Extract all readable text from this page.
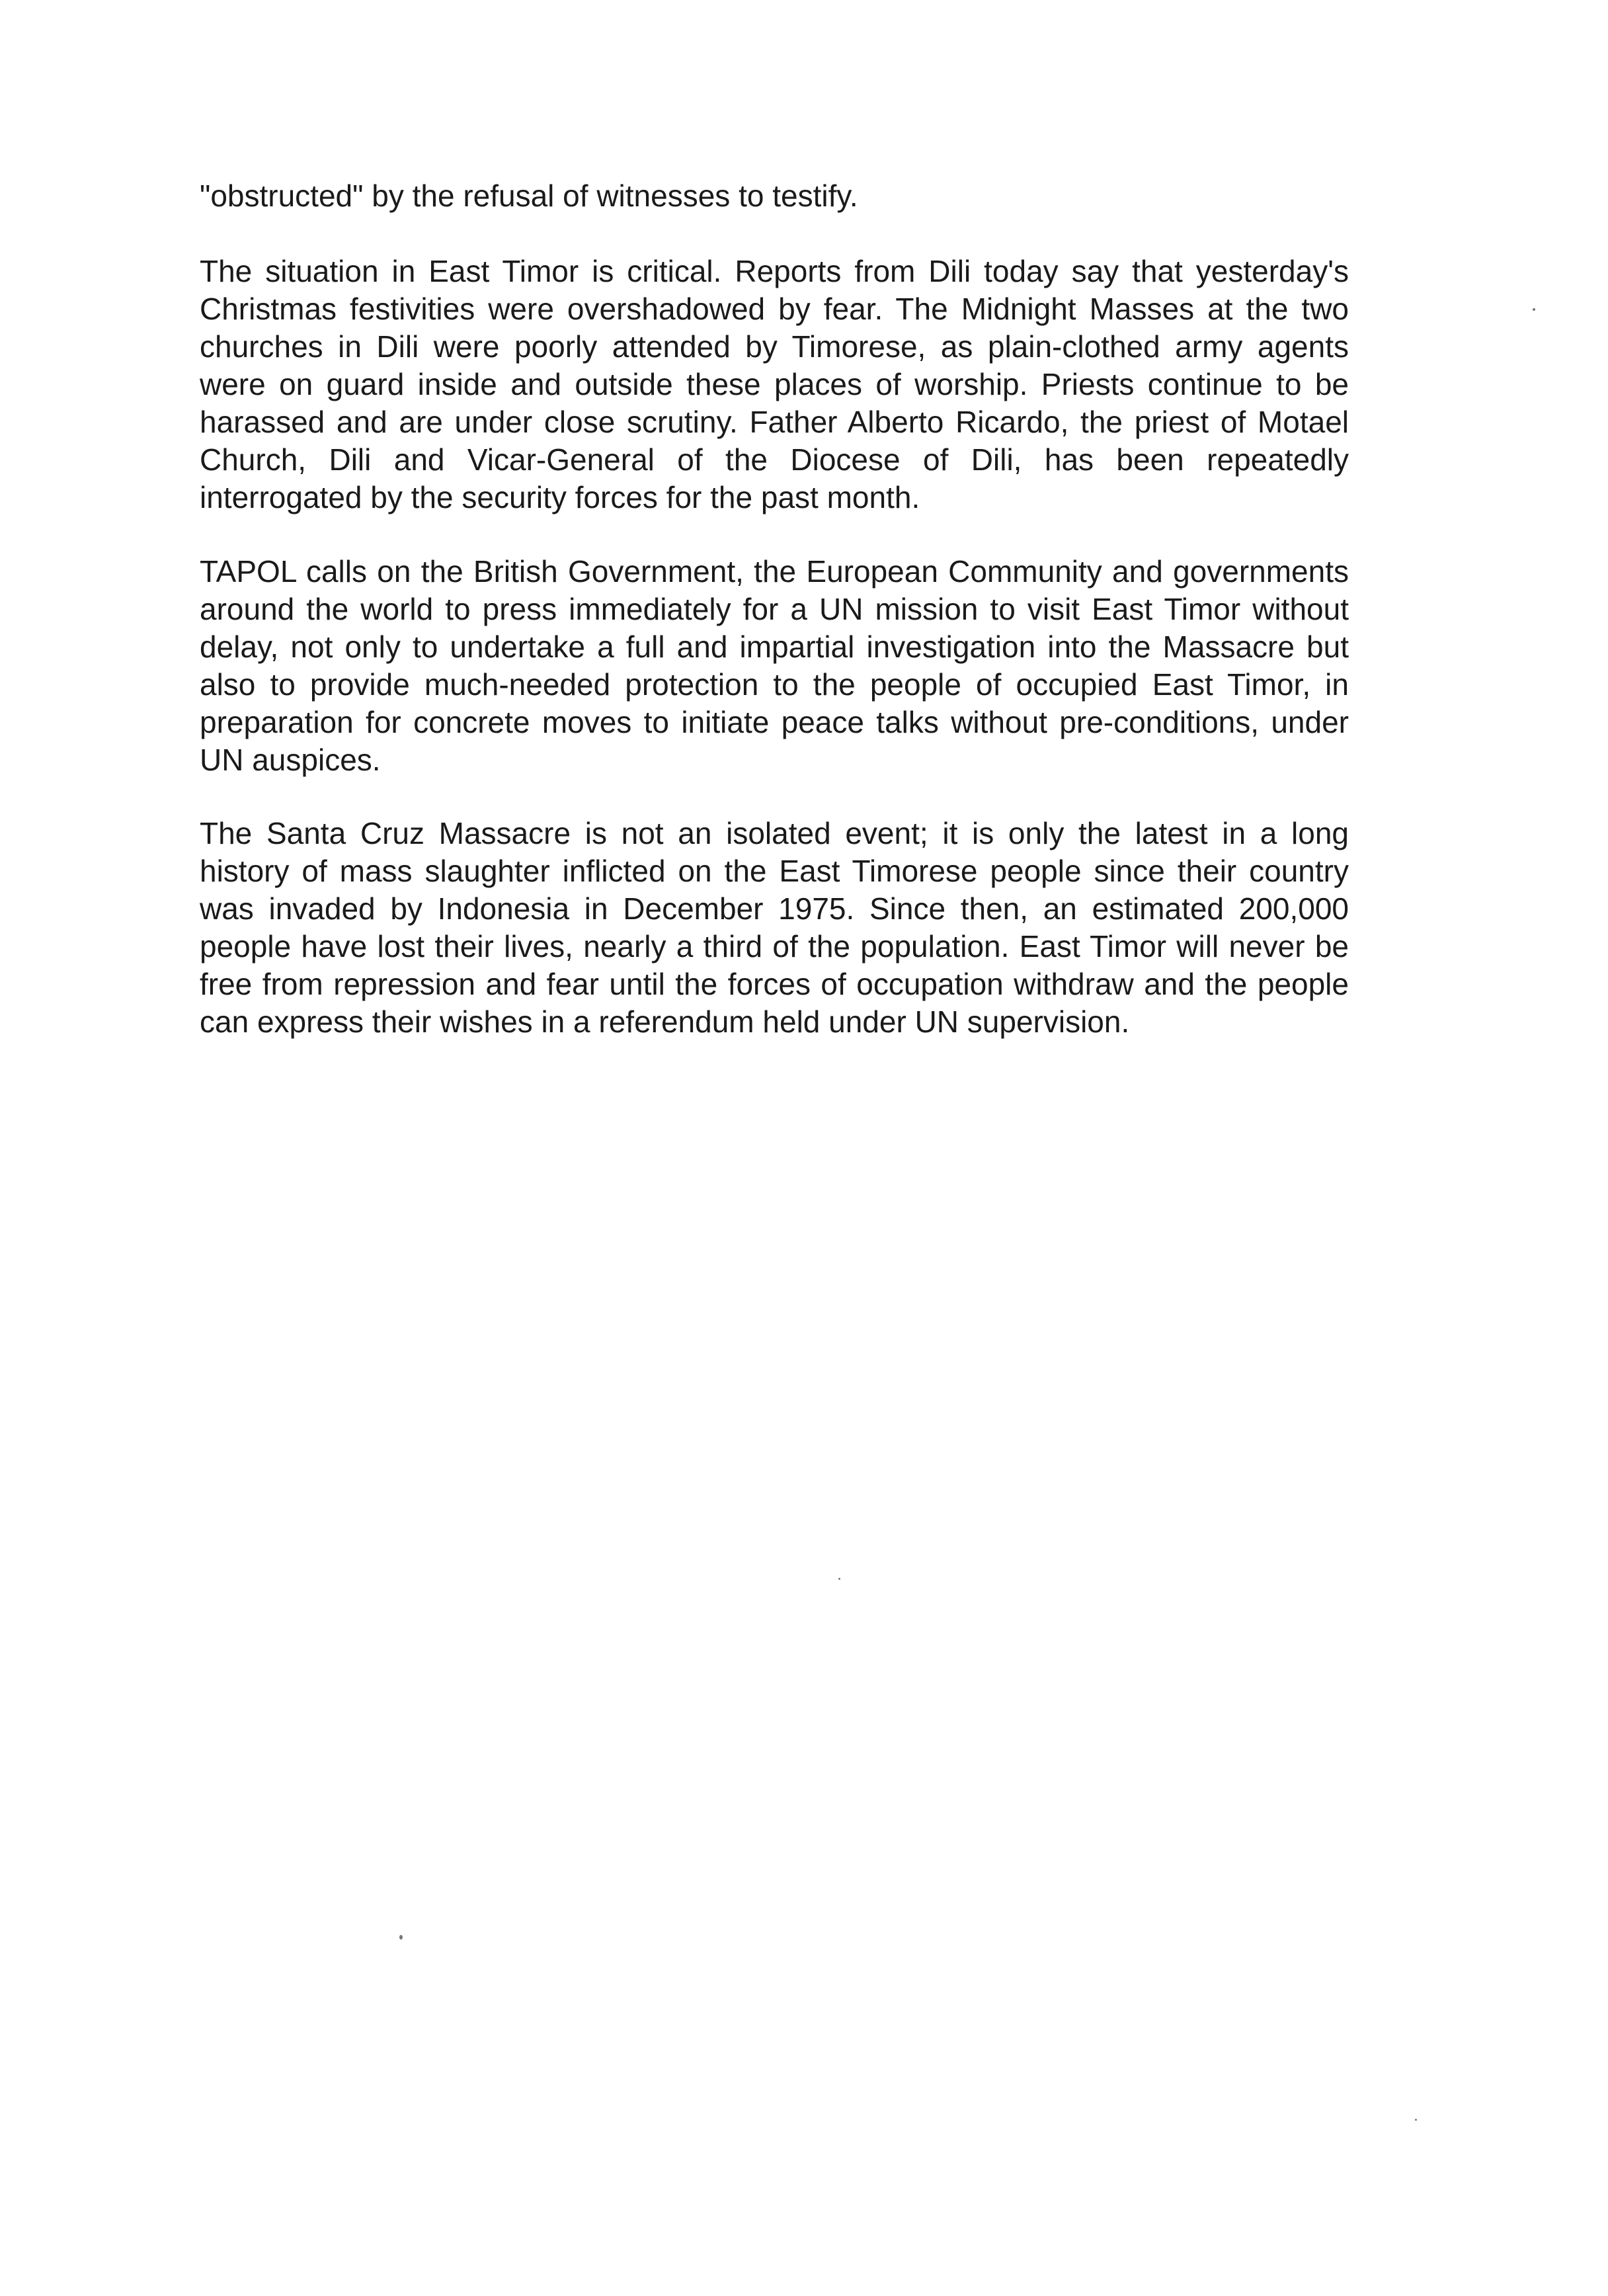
"obstructed" by the refusal of witnesses to testify.

The situation in East Timor is critical. Reports from Dili today say that yesterday's Christmas festivities were overshadowed by fear. The Midnight Masses at the two churches in Dili were poorly attended by Timorese, as plain-clothed army agents were on guard inside and outside these places of worship. Priests continue to be harassed and are under close scrutiny. Father Alberto Ricardo, the priest of Motael Church, Dili and Vicar-General of the Diocese of Dili, has been repeatedly interrogated by the security forces for the past month.

TAPOL calls on the British Government, the European Community and governments around the world to press immediately for a UN mission to visit East Timor without delay, not only to undertake a full and impartial investigation into the Massacre but also to provide much-needed protection to the people of occupied East Timor, in preparation for concrete moves to initiate peace talks without pre-conditions, under UN auspices.

The Santa Cruz Massacre is not an isolated event; it is only the latest in a long history of mass slaughter inflicted on the East Timorese people since their country was invaded by Indonesia in December 1975. Since then, an estimated 200,000 people have lost their lives, nearly a third of the population. East Timor will never be free from repression and fear until the forces of occupation withdraw and the people can express their wishes in a referendum held under UN supervision.
